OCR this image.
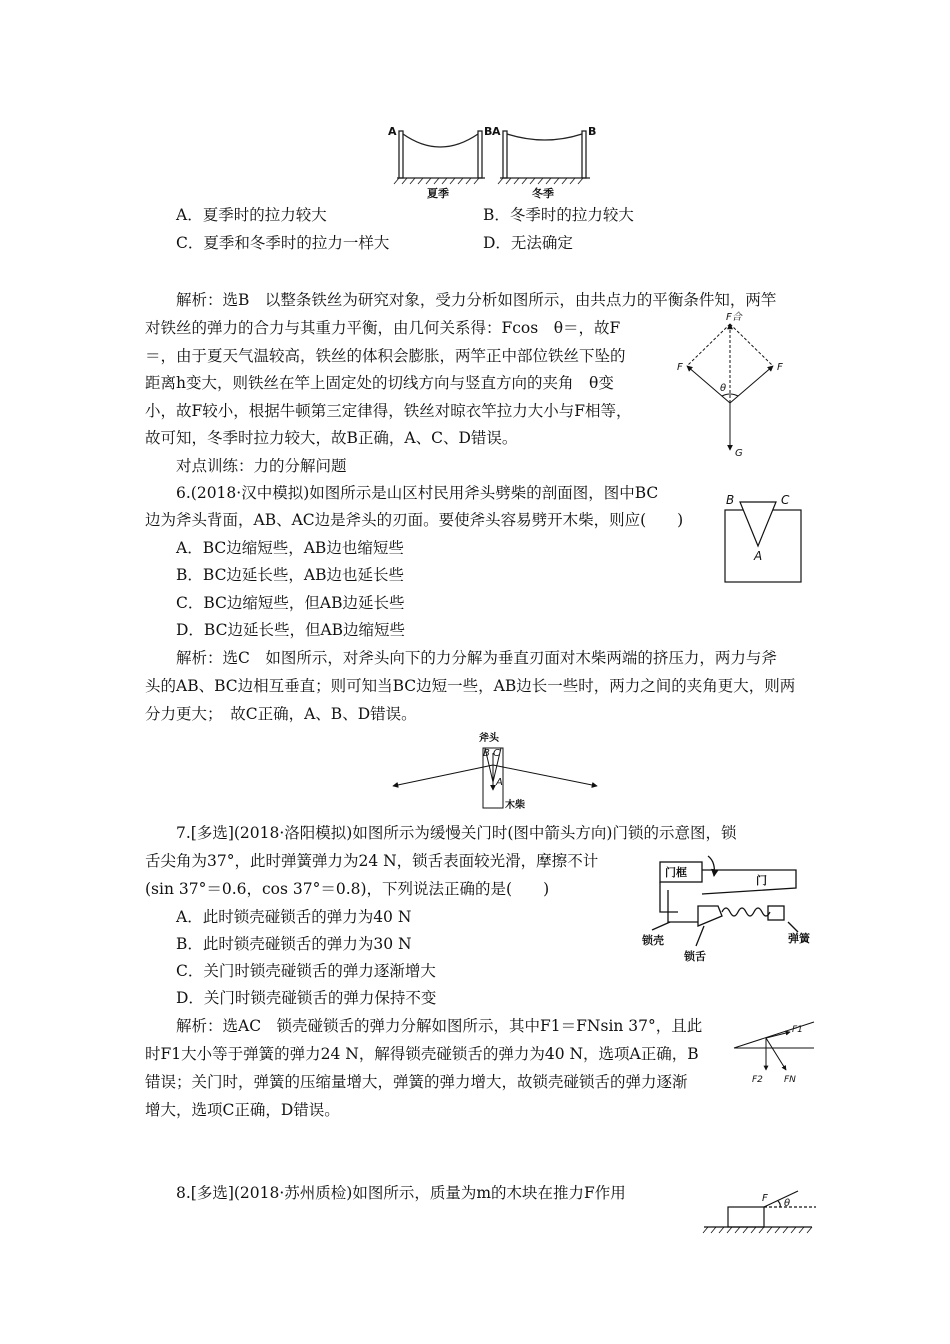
A	B A	B
夏季	冬季
A．夏季时的拉力较大	B．冬季时的拉力较大
C．夏季和冬季时的拉力一样大	D．无法确定
解析：选B　以整条铁丝为研究对象，受力分析如图所示，由共点力的平衡条件知，两竿
对铁丝的弹力的合力与其重力平衡，由几何关系得：Fcos　θ＝，故F
＝，由于夏天气温较高，铁丝的体积会膨胀，两竿正中部位铁丝下坠的
距离h变大，则铁丝在竿上固定处的切线方向与竖直方向的夹角　θ变
小，故F较小，根据牛顿第三定律得，铁丝对晾衣竿拉力大小与F相等，
故可知，冬季时拉力较大，故B正确，A、C、D错误。
F合
F	F
θ
G
对点训练：力的分解问题
6.(2018·汉中模拟)如图所示是山区村民用斧头劈柴的剖面图，图中BC
边为斧头背面，AB、AC边是斧头的刃面。要使斧头容易劈开木柴，则应(　　)
A．BC边缩短些，AB边也缩短些
B．BC边延长些，AB边也延长些
C．BC边缩短些，但AB边延长些
D．BC边延长些，但AB边缩短些
B	C
A
解析：选C　如图所示，对斧头向下的力分解为垂直刃面对木柴两端的挤压力，两力与斧
头的AB、BC边相互垂直；则可知当BC边短一些，AB边长一些时，两力之间的夹角更大，则两
分力更大；　故C正确，A、B、D错误。
斧头
B C
A
木柴
7.[多选](2018·洛阳模拟)如图所示为缓慢关门时(图中箭头方向)门锁的示意图，锁
舌尖角为37°，此时弹簧弹力为24 N，锁舌表面较光滑，摩擦不计
(sin 37°＝0.6，cos 37°＝0.8)，下列说法正确的是(　　)
A．此时锁壳碰锁舌的弹力为40 N
B．此时锁壳碰锁舌的弹力为30 N
C．关门时锁壳碰锁舌的弹力逐渐增大
D．关门时锁壳碰锁舌的弹力保持不变
门框
门
弹簧
锁壳
锁舌
解析：选AC　锁壳碰锁舌的弹力分解如图所示，其中F1＝FNsin 37°，且此
时F1大小等于弹簧的弹力24 N，解得锁壳碰锁舌的弹力为40 N，选项A正确，B
错误；关门时，弹簧的压缩量增大，弹簧的弹力增大，故锁壳碰锁舌的弹力逐渐
增大，选项C正确，D错误。
F1
F2 FN
8.[多选](2018·苏州质检)如图所示，质量为m的木块在推力F作用	F θ
